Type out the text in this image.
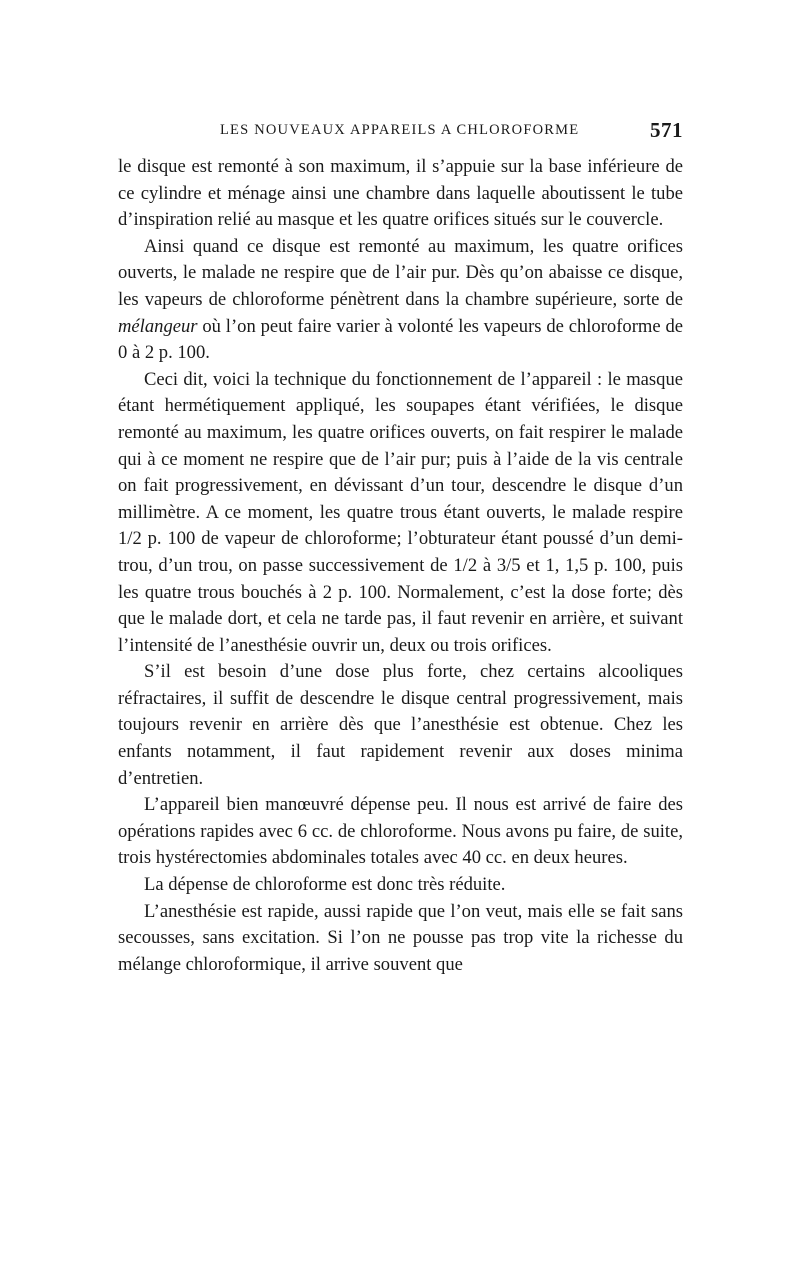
LES NOUVEAUX APPAREILS A CHLOROFORME	571

le disque est remonté à son maximum, il s’appuie sur la base inférieure de ce cylindre et ménage ainsi une chambre dans laquelle aboutissent le tube d’inspiration relié au masque et les quatre orifices situés sur le couvercle.

Ainsi quand ce disque est remonté au maximum, les quatre orifices ouverts, le malade ne respire que de l’air pur. Dès qu’on abaisse ce disque, les vapeurs de chloroforme pénètrent dans la chambre supérieure, sorte de mélangeur où l’on peut faire varier à volonté les vapeurs de chloroforme de 0 à 2 p. 100.

Ceci dit, voici la technique du fonctionnement de l’appareil : le masque étant hermétiquement appliqué, les soupapes étant vérifiées, le disque remonté au maximum, les quatre orifices ouverts, on fait respirer le malade qui à ce moment ne respire que de l’air pur; puis à l’aide de la vis centrale on fait progressivement, en dévissant d’un tour, descendre le disque d’un millimètre. A ce moment, les quatre trous étant ouverts, le malade respire 1/2 p. 100 de vapeur de chloroforme; l’obturateur étant poussé d’un demi-trou, d’un trou, on passe successivement de 1/2 à 3/5 et 1, 1,5 p. 100, puis les quatre trous bouchés à 2 p. 100. Normalement, c’est la dose forte; dès que le malade dort, et cela ne tarde pas, il faut revenir en arrière, et suivant l’intensité de l’anesthésie ouvrir un, deux ou trois orifices.

S’il est besoin d’une dose plus forte, chez certains alcooliques réfractaires, il suffit de descendre le disque central progressivement, mais toujours revenir en arrière dès que l’anesthésie est obtenue. Chez les enfants notamment, il faut rapidement revenir aux doses minima d’entretien.

L’appareil bien manœuvré dépense peu. Il nous est arrivé de faire des opérations rapides avec 6 cc. de chloroforme. Nous avons pu faire, de suite, trois hystérectomies abdominales totales avec 40 cc. en deux heures.

La dépense de chloroforme est donc très réduite.

L’anesthésie est rapide, aussi rapide que l’on veut, mais elle se fait sans secousses, sans excitation. Si l’on ne pousse pas trop vite la richesse du mélange chloroformique, il arrive souvent que
